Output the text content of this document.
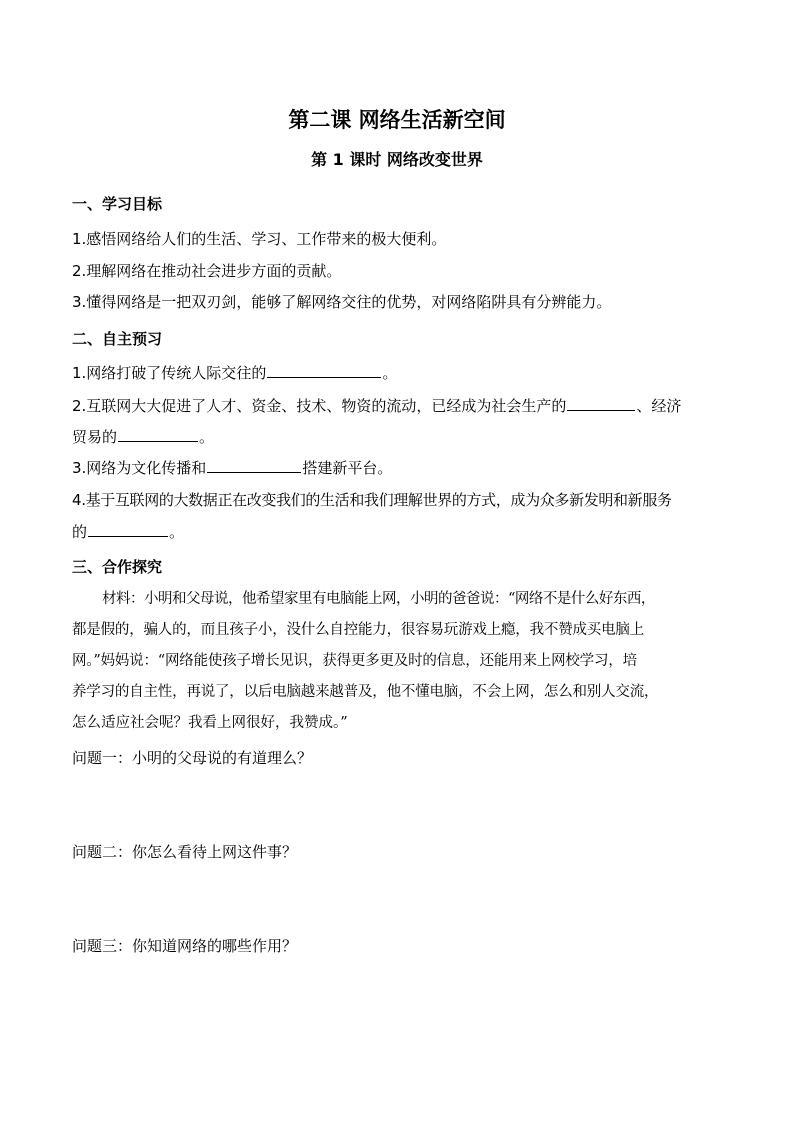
第二课 网络生活新空间
第 1 课时 网络改变世界
一、学习目标
1.感悟网络给人们的生活、学习、工作带来的极大便利。
2.理解网络在推动社会进步方面的贡献。
3.懂得网络是一把双刃剑，能够了解网络交往的优势，对网络陷阱具有分辨能力。
二、自主预习
1.网络打破了传统人际交往的	。
2.互联网大大促进了人才、资金、技术、物资的流动，已经成为社会生产的	、经济
贸易的	。
3.网络为文化传播和	搭建新平台。
4.基于互联网的大数据正在改变我们的生活和我们理解世界的方式，成为众多新发明和新服务
的	。
三、合作探究
材料：小明和父母说，他希望家里有电脑能上网，小明的爸爸说：“网络不是什么好东西，
都是假的，骗人的，而且孩子小，没什么自控能力，很容易玩游戏上瘾，我不赞成买电脑上
网。”妈妈说：“网络能使孩子增长见识，获得更多更及时的信息，还能用来上网校学习，培
养学习的自主性，再说了，以后电脑越来越普及，他不懂电脑，不会上网，怎么和别人交流，
怎么适应社会呢？我看上网很好，我赞成。”
问题一：小明的父母说的有道理么？
问题二：你怎么看待上网这件事？
问题三：你知道网络的哪些作用？
